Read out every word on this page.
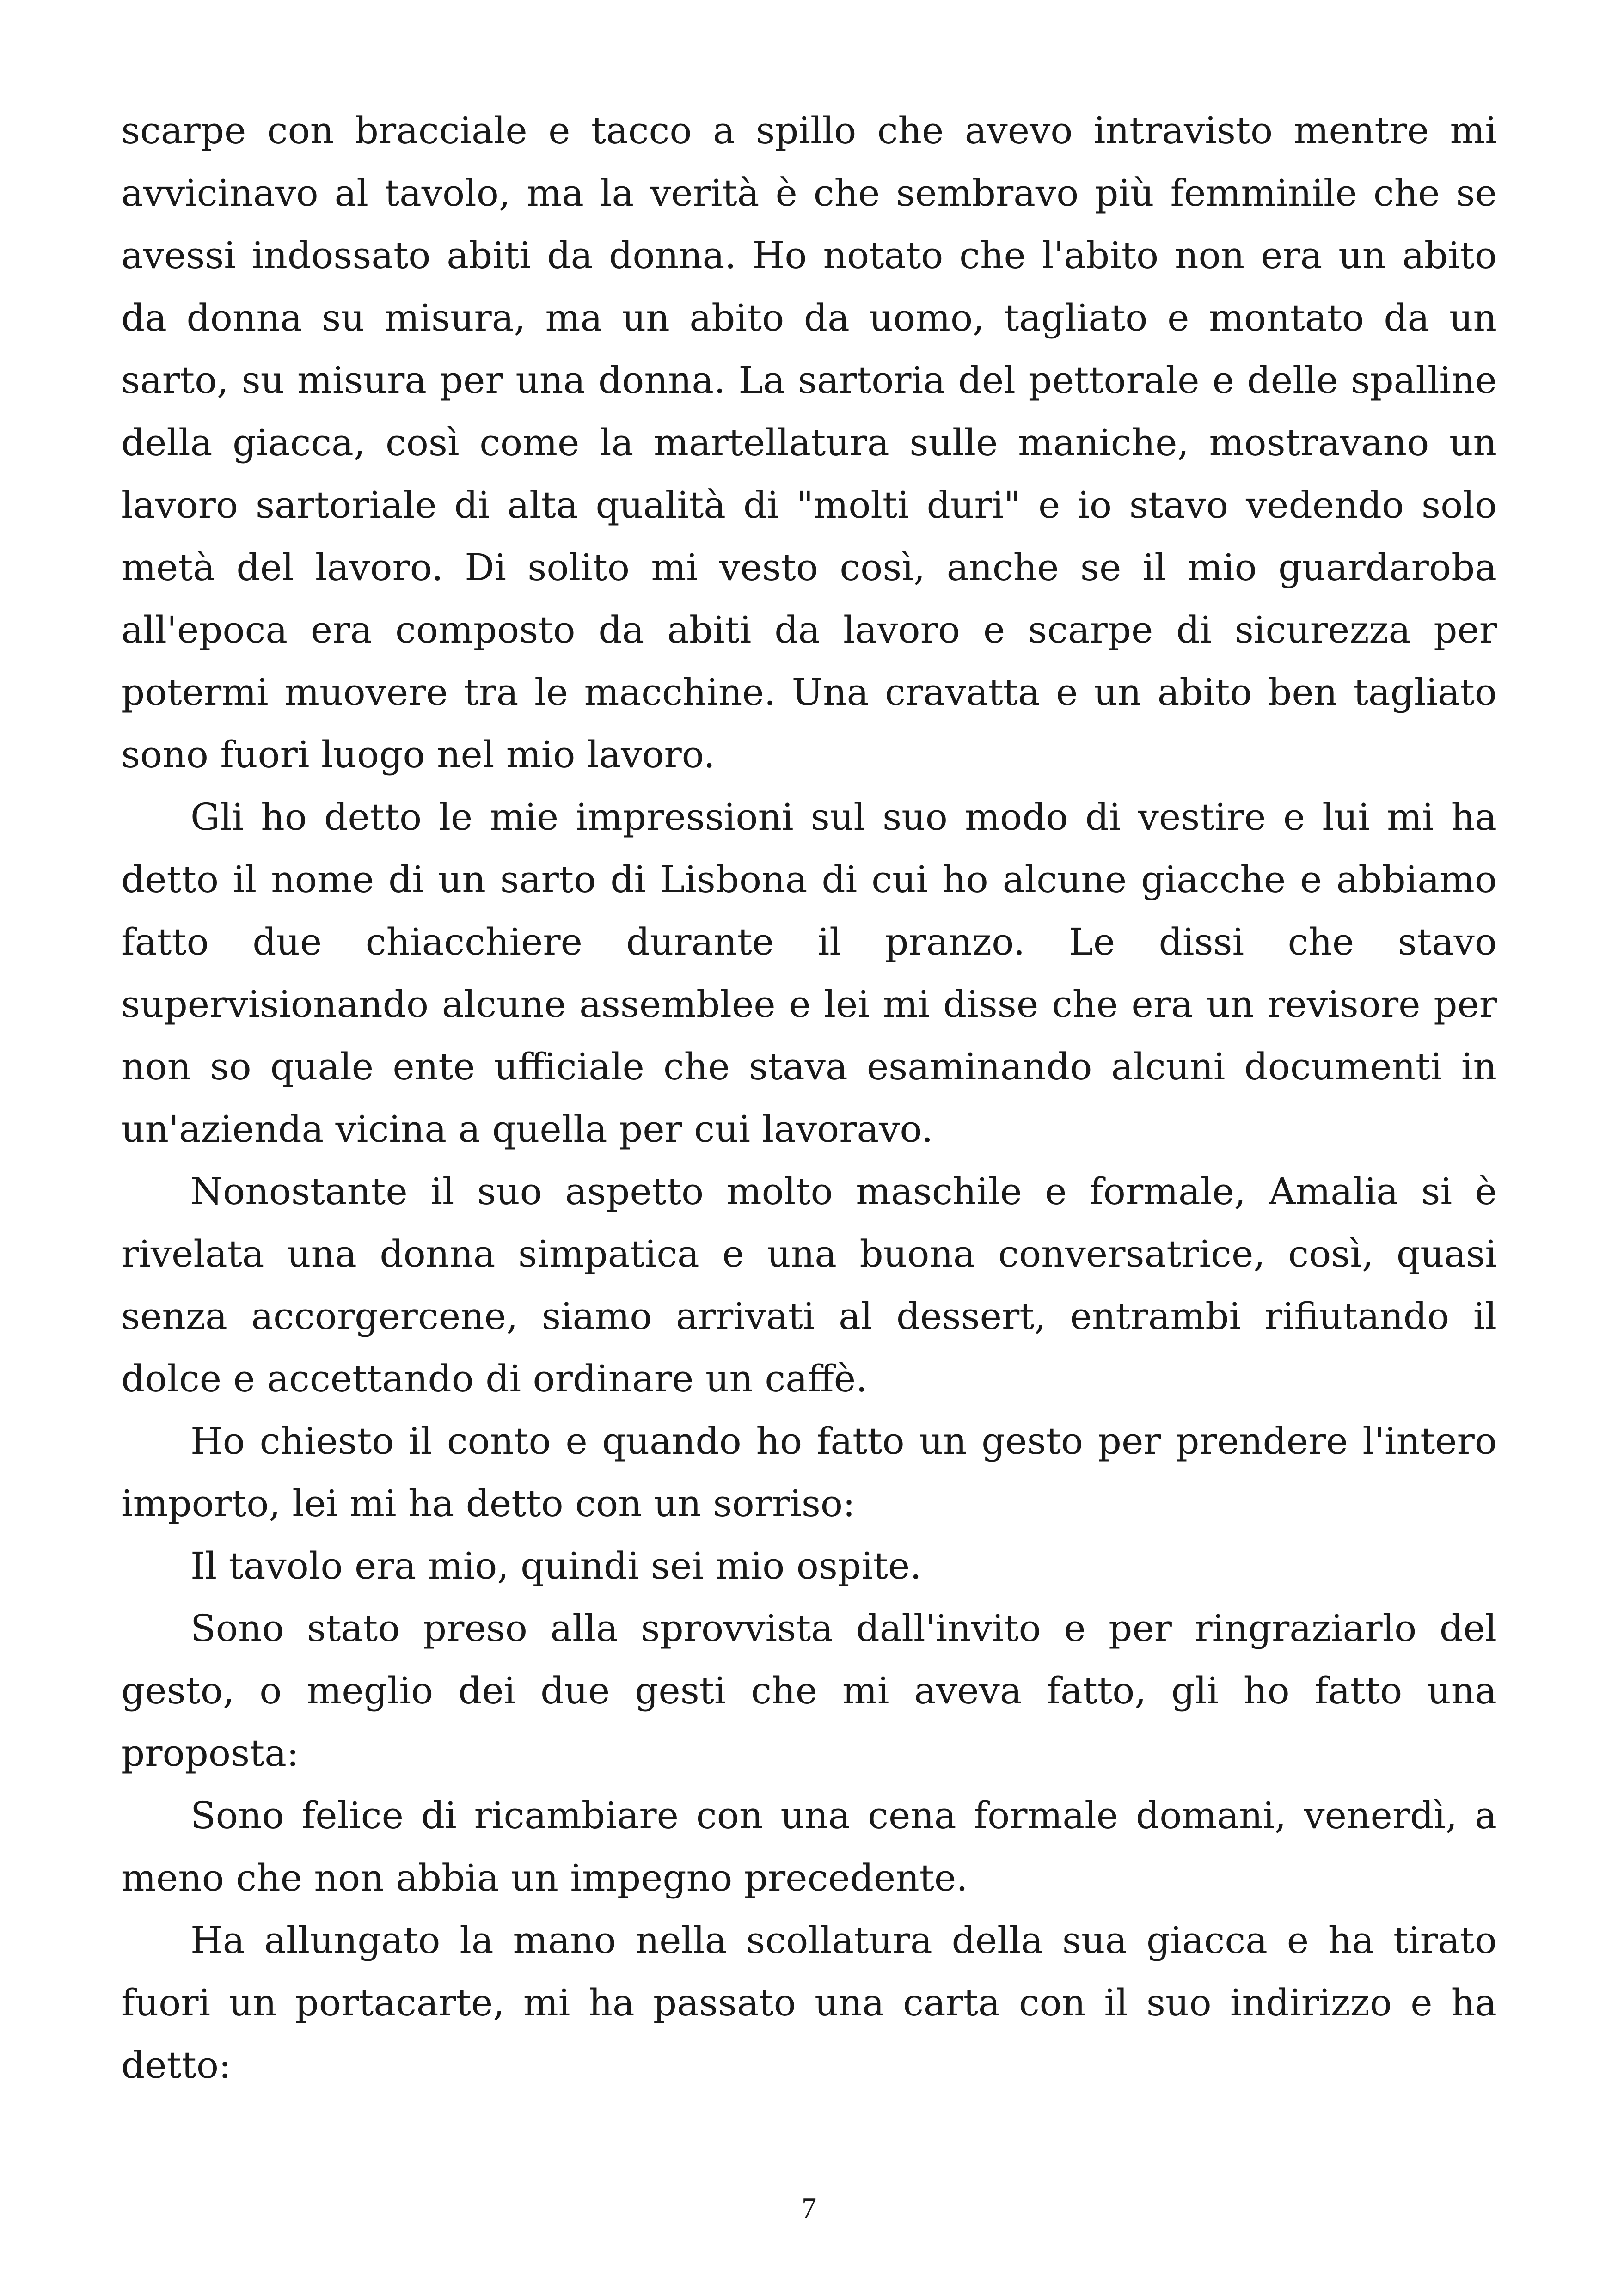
scarpe con bracciale e tacco a spillo che avevo intravisto mentre mi avvicinavo al tavolo, ma la verità è che sembravo più femminile che se avessi indossato abiti da donna. Ho notato che l'abito non era un abito da donna su misura, ma un abito da uomo, tagliato e montato da un sarto, su misura per una donna. La sartoria del pettorale e delle spalline della giacca, così come la martellatura sulle maniche, mostravano un lavoro sartoriale di alta qualità di "molti duri" e io stavo vedendo solo metà del lavoro. Di solito mi vesto così, anche se il mio guardaroba all'epoca era composto da abiti da lavoro e scarpe di sicurezza per potermi muovere tra le macchine. Una cravatta e un abito ben tagliato sono fuori luogo nel mio lavoro.

Gli ho detto le mie impressioni sul suo modo di vestire e lui mi ha detto il nome di un sarto di Lisbona di cui ho alcune giacche e abbiamo fatto due chiacchiere durante il pranzo. Le dissi che stavo supervisionando alcune assemblee e lei mi disse che era un revisore per non so quale ente ufficiale che stava esaminando alcuni documenti in un'azienda vicina a quella per cui lavoravo.

Nonostante il suo aspetto molto maschile e formale, Amalia si è rivelata una donna simpatica e una buona conversatrice, così, quasi senza accorgercene, siamo arrivati al dessert, entrambi rifiutando il dolce e accettando di ordinare un caffè.

Ho chiesto il conto e quando ho fatto un gesto per prendere l'intero importo, lei mi ha detto con un sorriso:

Il tavolo era mio, quindi sei mio ospite.

Sono stato preso alla sprovvista dall'invito e per ringraziarlo del gesto, o meglio dei due gesti che mi aveva fatto, gli ho fatto una proposta:

Sono felice di ricambiare con una cena formale domani, venerdì, a meno che non abbia un impegno precedente.

Ha allungato la mano nella scollatura della sua giacca e ha tirato fuori un portacarte, mi ha passato una carta con il suo indirizzo e ha detto:

7
